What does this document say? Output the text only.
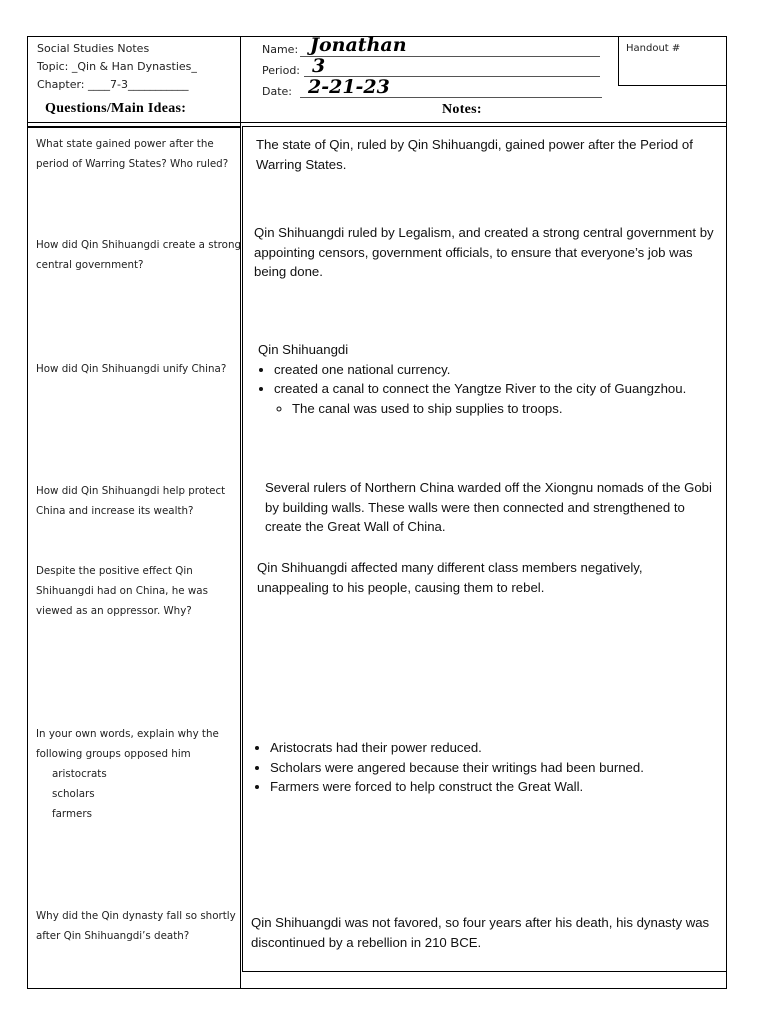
Handout #
Social Studies Notes
Topic: _Qin & Han Dynasties_
Chapter: ____7-3___________
Name: Jonathan
Period: 3
Date: 2-21-23
Questions/Main Ideas:	Notes:
What state gained power after the period of Warring States? Who ruled?
The state of Qin, ruled by Qin Shihuangdi, gained power after the Period of Warring States.
How did Qin Shihuangdi create a strong central government?
Qin Shihuangdi ruled by Legalism, and created a strong central government by appointing censors, government officials, to ensure that everyone’s job was being done.
How did Qin Shihuangdi unify China?
Qin Shihuangdi
• created one national currency.
• created a canal to connect the Yangtze River to the city of Guangzhou.
◦ The canal was used to ship supplies to troops.
How did Qin Shihuangdi help protect China and increase its wealth?
Several rulers of Northern China warded off the Xiongnu nomads of the Gobi by building walls. These walls were then connected and strengthened to create the Great Wall of China.
Despite the positive effect Qin Shihuangdi had on China, he was viewed as an oppressor. Why?
Qin Shihuangdi affected many different class members negatively, unappealing to his people, causing them to rebel.
In your own words, explain why the following groups opposed him
aristocrats
scholars
farmers
• Aristocrats had their power reduced.
• Scholars were angered because their writings had been burned.
• Farmers were forced to help construct the Great Wall.
Why did the Qin dynasty fall so shortly after Qin Shihuangdi’s death?
Qin Shihuangdi was not favored, so four years after his death, his dynasty was discontinued by a rebellion in 210 BCE.
